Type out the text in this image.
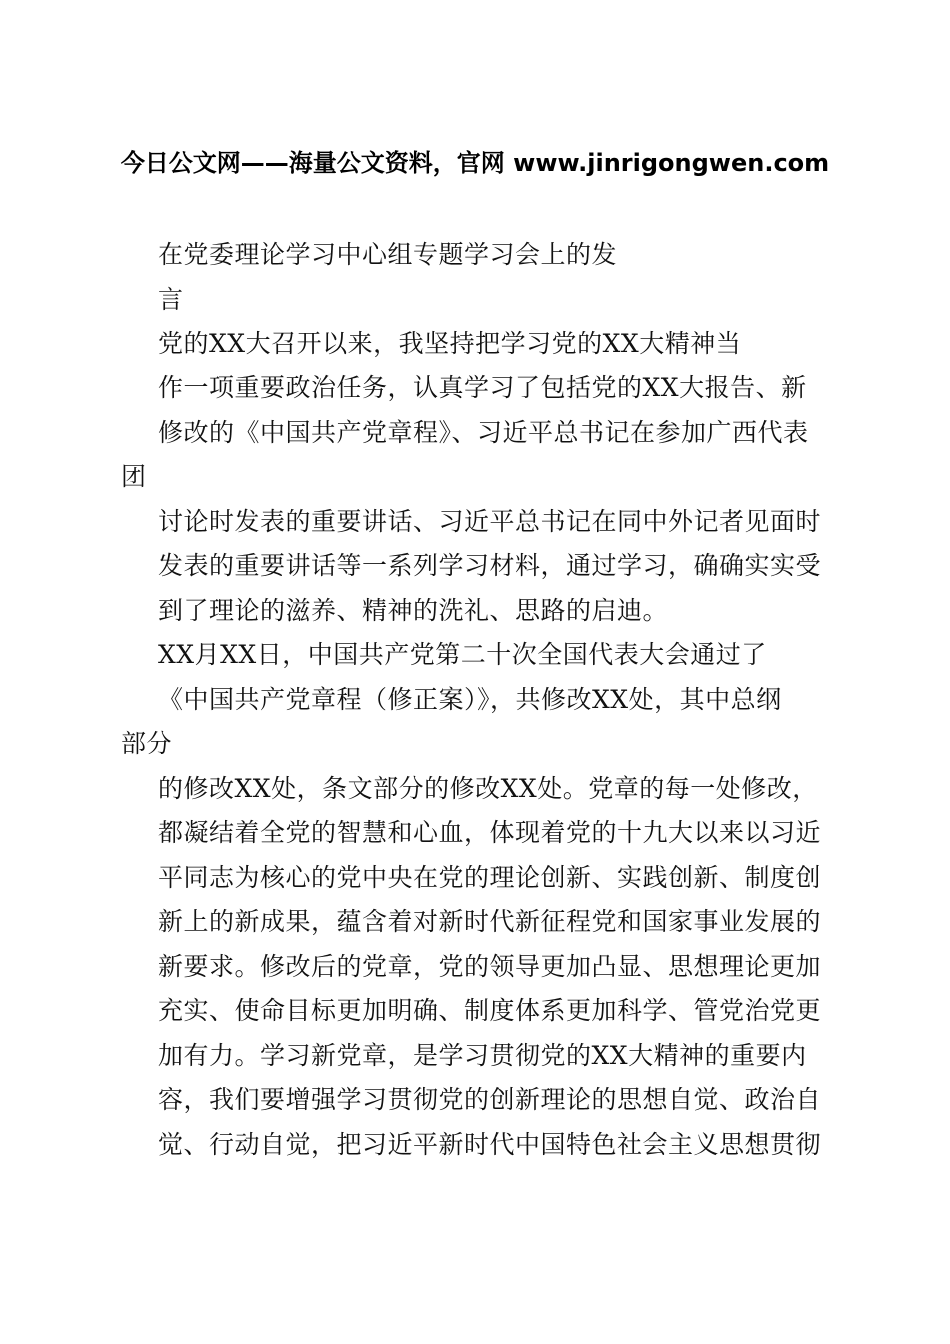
今日公文网——海量公文资料，官网 www.jinrigongwen.com
在党委理论学习中心组专题学习会上的发
言
党的XX大召开以来，我坚持把学习党的XX大精神当
作一项重要政治任务，认真学习了包括党的XX大报告、新
修改的《中国共产党章程》、习近平总书记在参加广西代表
团
讨论时发表的重要讲话、习近平总书记在同中外记者见面时
发表的重要讲话等一系列学习材料，通过学习，确确实实受
到了理论的滋养、精神的洗礼、思路的启迪。
XX月XX日，中国共产党第二十次全国代表大会通过了
《中国共产党章程（修正案）》，共修改XX处，其中总纲
部分
的修改XX处，条文部分的修改XX处。党章的每一处修改，
都凝结着全党的智慧和心血，体现着党的十九大以来以习近
平同志为核心的党中央在党的理论创新、实践创新、制度创
新上的新成果，蕴含着对新时代新征程党和国家事业发展的
新要求。修改后的党章，党的领导更加凸显、思想理论更加
充实、使命目标更加明确、制度体系更加科学、管党治党更
加有力。学习新党章，是学习贯彻党的XX大精神的重要内
容，我们要增强学习贯彻党的创新理论的思想自觉、政治自
觉、行动自觉，把习近平新时代中国特色社会主义思想贯彻
